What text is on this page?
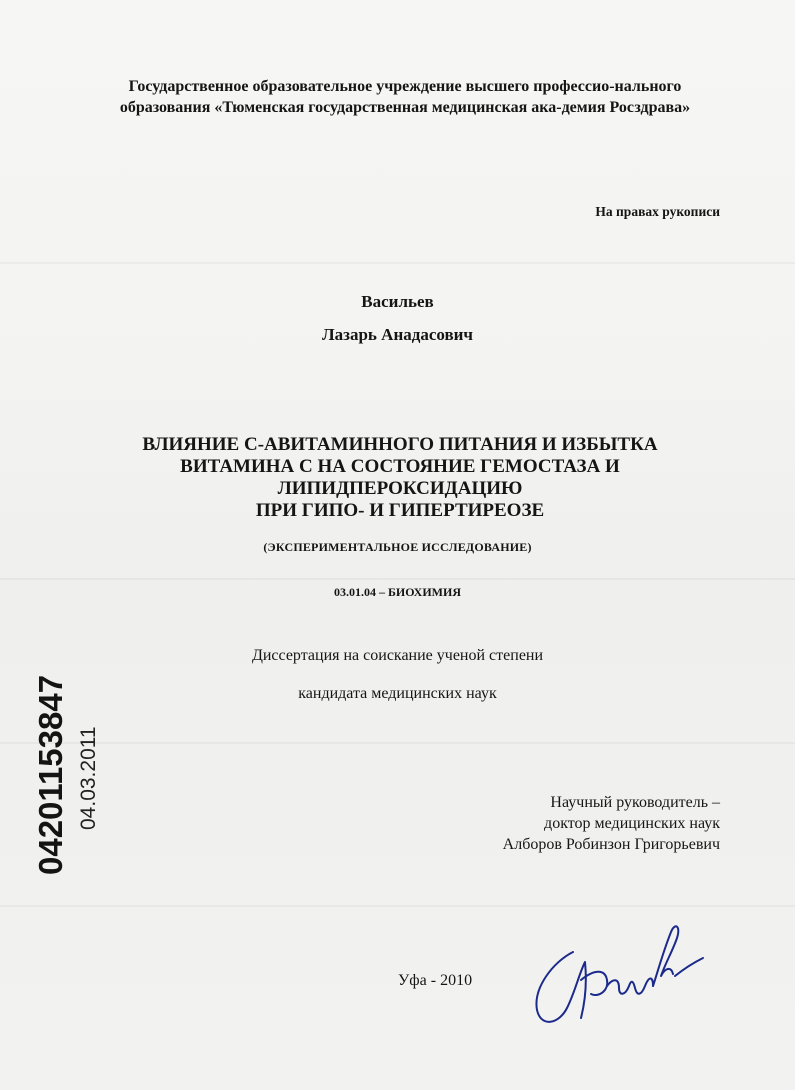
Государственное образовательное учреждение высшего профессио-нального образования «Тюменская государственная медицинская ака-демия Росздрава»
На правах рукописи
Васильев
Лазарь Анадасович
ВЛИЯНИЕ С-АВИТАМИННОГО ПИТАНИЯ И ИЗБЫТКА
ВИТАМИНА С НА СОСТОЯНИЕ ГЕМОСТАЗА И
ЛИПИДПЕРОКСИДАЦИЮ
ПРИ ГИПО- И ГИПЕРТИРЕОЗЕ
(ЭКСПЕРИМЕНТАЛЬНОЕ ИССЛЕДОВАНИЕ)
03.01.04 – БИОХИМИЯ
Диссертация на соискание ученой степени
кандидата медицинских наук
Научный руководитель –
доктор медицинских наук
Алборов Робинзон Григорьевич
Уфа - 2010
04201153847 04.03.2011
